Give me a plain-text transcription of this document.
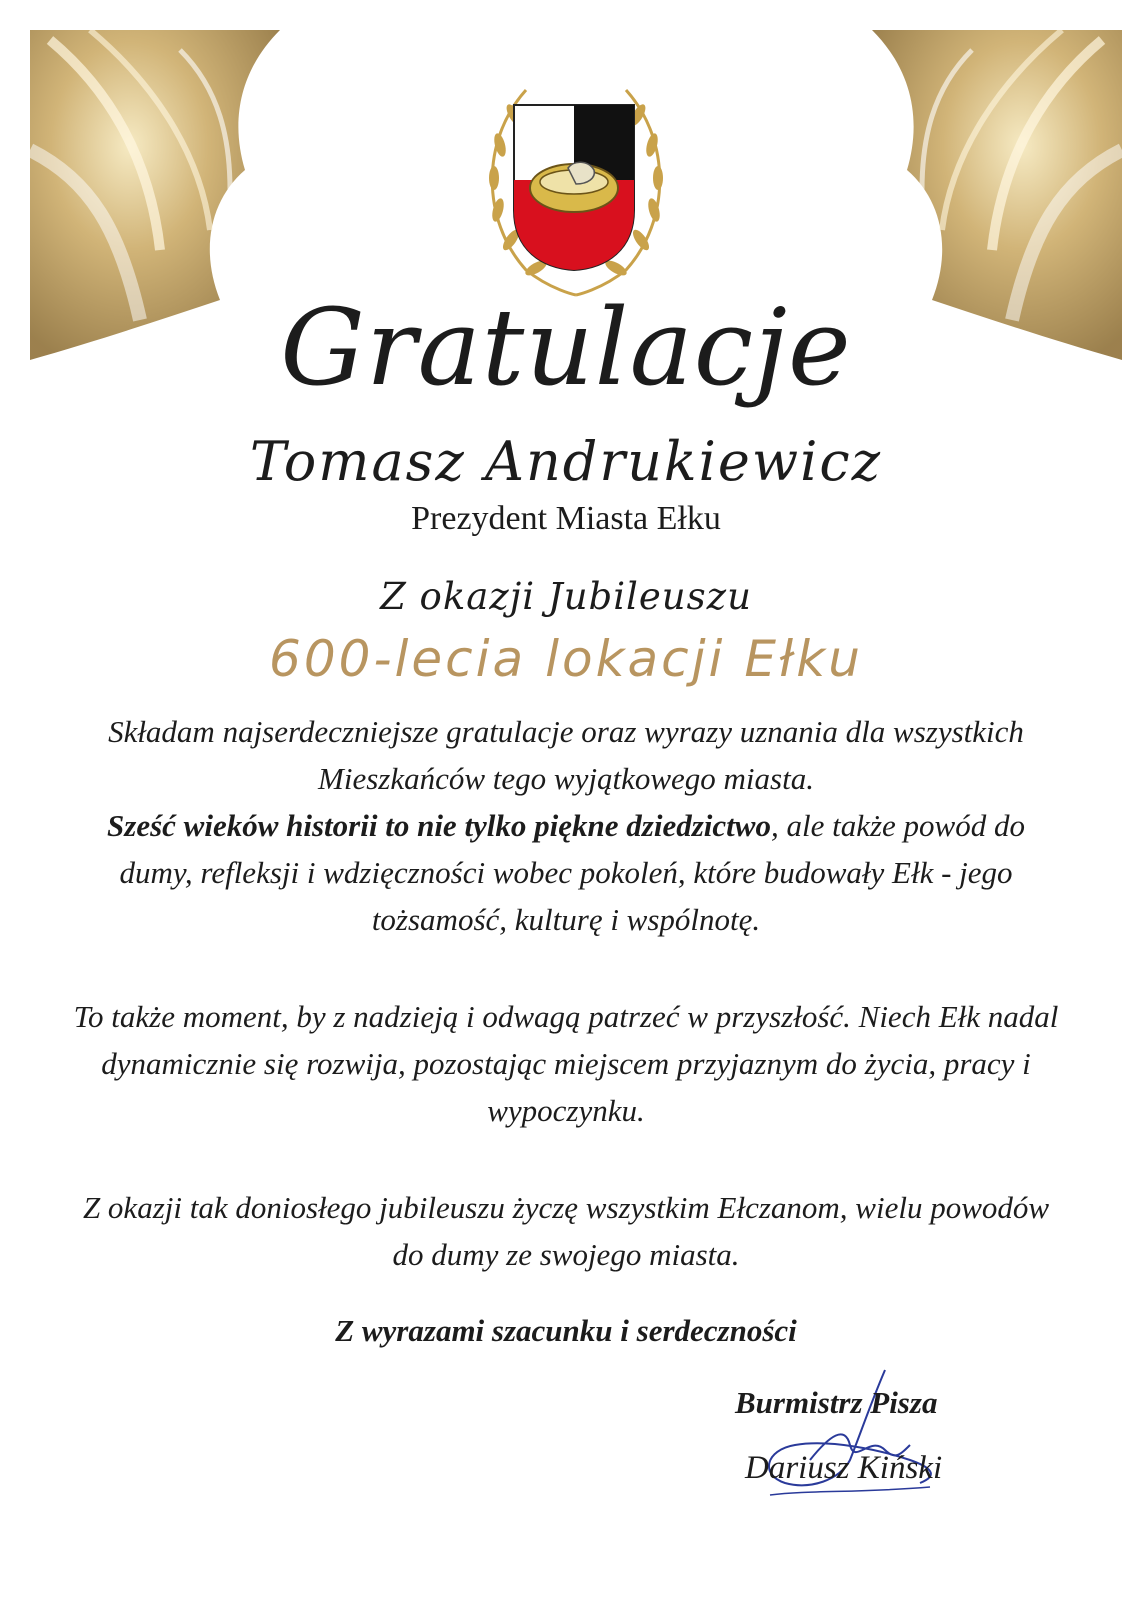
Gratulacje
Tomasz Andrukiewicz
Prezydent Miasta Ełku
Z okazji Jubileuszu
600-lecia lokacji Ełku

Składam najserdeczniejsze gratulacje oraz wyrazy uznania dla wszystkich Mieszkańców tego wyjątkowego miasta.
Sześć wieków historii to nie tylko piękne dziedzictwo, ale także powód do dumy, refleksji i wdzięczności wobec pokoleń, które budowały Ełk - jego tożsamość, kulturę i wspólnotę.

To także moment, by z nadzieją i odwagą patrzeć w przyszłość. Niech Ełk nadal dynamicznie się rozwija, pozostając miejscem przyjaznym do życia, pracy i wypoczynku.

Z okazji tak doniosłego jubileuszu życzę wszystkim Ełczanom, wielu powodów do dumy ze swojego miasta.

Z wyrazami szacunku i serdeczności
Burmistrz Pisza
Dariusz Kiński
